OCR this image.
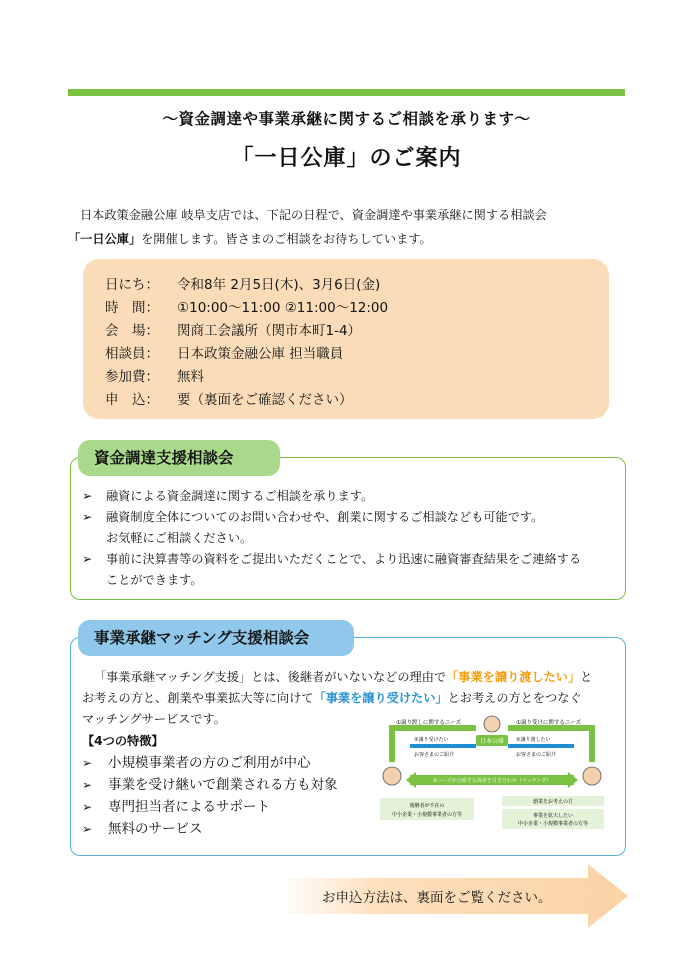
～資金調達や事業承継に関するご相談を承ります～
「一日公庫」のご案内
日本政策金融公庫 岐阜支店では、下記の日程で、資金調達や事業承継に関する相談会
「一日公庫」を開催します。皆さまのご相談をお待ちしています。
日にち： 令和8年 2月5日(木)、3月6日(金)
時　間： ①10:00～11:00 ②11:00～12:00
会　場： 関商工会議所（関市本町1-4）
相談員： 日本政策金融公庫 担当職員
参加費： 無料
申　込： 要（裏面をご確認ください）
資金調達支援相談会
➢ 融資による資金調達に関するご相談を承ります。
➢ 融資制度全体についてのお問い合わせや、創業に関するご相談なども可能です。
お気軽にご相談ください。
➢ 事前に決算書等の資料をご提出いただくことで、より迅速に融資審査結果をご連絡する
ことができます。
事業承継マッチング支援相談会
「事業承継マッチング支援」とは、後継者がいないなどの理由で「事業を譲り渡したい」と
お考えの方と、創業や事業拡大等に向けて「事業を譲り受けたい」とお考えの方とをつなぐ
マッチングサービスです。
【4つの特徴】
➢ 小規模事業者の方のご利用が中心
➢ 事業を受け継いで創業される方も対象
➢ 専門担当者によるサポート
➢ 無料のサービス
①譲り渡しに関するニーズ	①譲り受けに関するニーズ
②譲り受けたい
お客さまのご紹介
②譲り渡したい
お客さまのご紹介
日本公庫
③ニーズが合致する両者を引き合わせ（マッチング）
後継者が不在の
中小企業・小規模事業者の方等
創業をお考えの方
事業を拡大したい
中小企業・小規模事業者の方等
お申込方法は、裏面をご覧ください。
